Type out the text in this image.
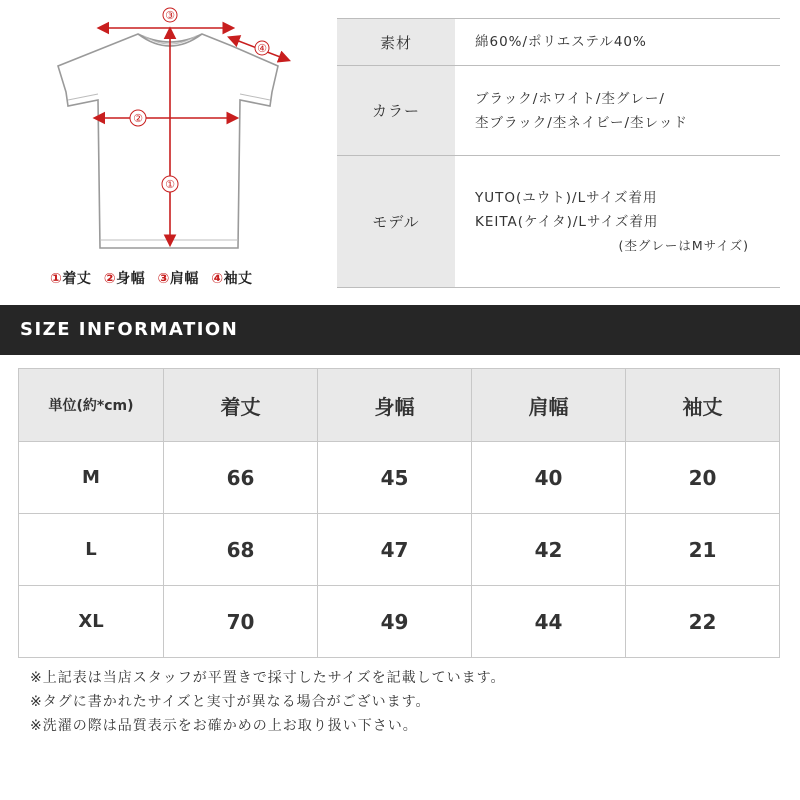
③
④
②
①
①着丈 ②身幅 ③肩幅 ④袖丈
素材	綿60%/ポリエステル40%
カラー	ブラック/ホワイト/杢グレー/
杢ブラック/杢ネイビー/杢レッド
モデル	YUTO(ユウト)/Lサイズ着用
KEITA(ケイタ)/Lサイズ着用
(杢グレーはMサイズ)
SIZE INFORMATION
単位(約*cm)	着丈	身幅	肩幅	袖丈
M	66	45	40	20
L	68	47	42	21
XL	70	49	44	22
※上記表は当店スタッフが平置きで採寸したサイズを記載しています。
※タグに書かれたサイズと実寸が異なる場合がございます。
※洗濯の際は品質表示をお確かめの上お取り扱い下さい。
